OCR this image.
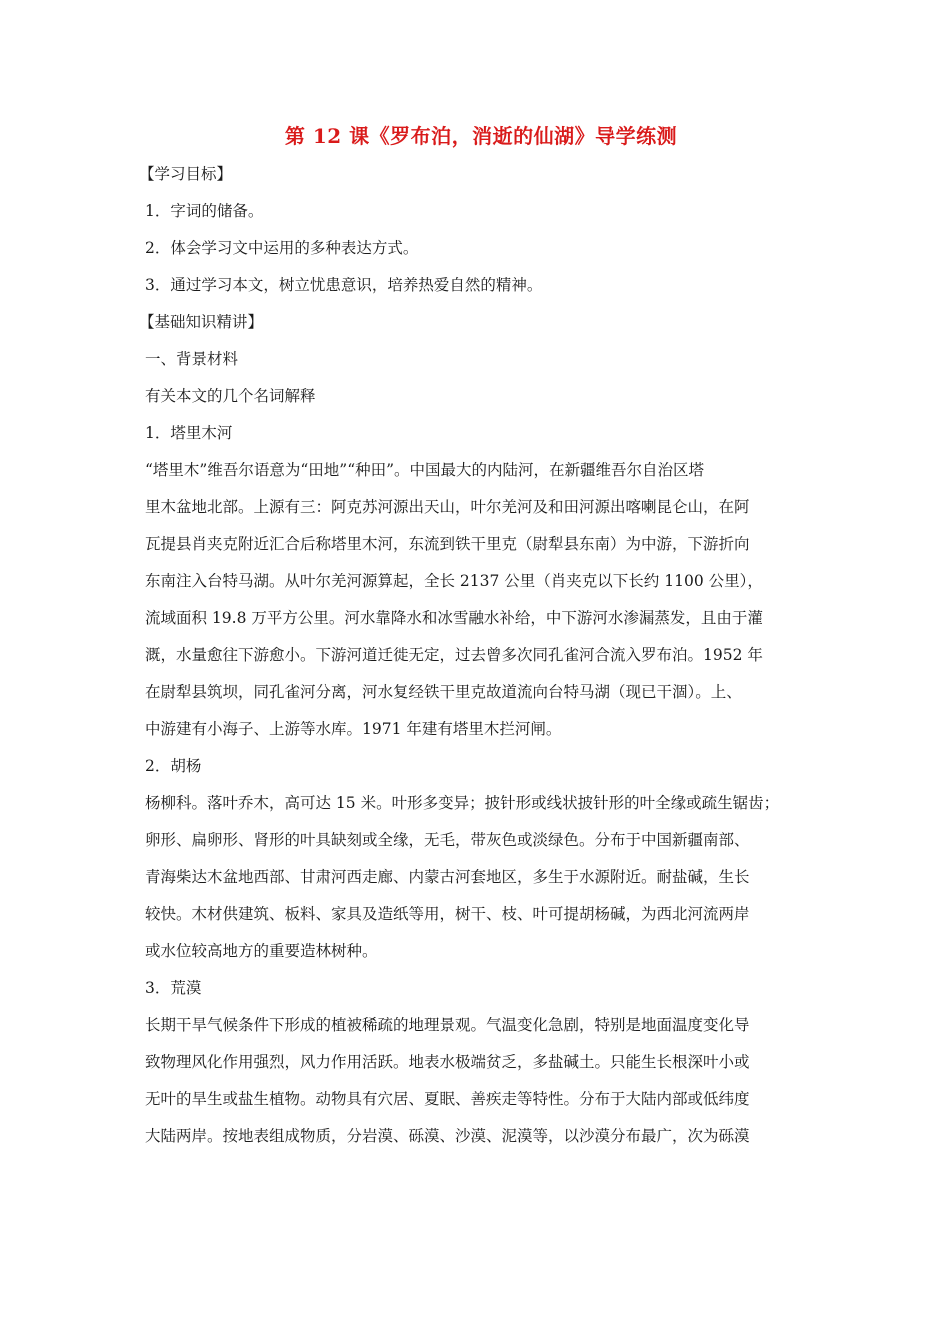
第 12 课《罗布泊，消逝的仙湖》导学练测

【学习目标】

1．字词的储备。

2．体会学习文中运用的多种表达方式。

3．通过学习本文，树立忧患意识，培养热爱自然的精神。

【基础知识精讲】

一、背景材料

有关本文的几个名词解释

1．塔里木河

“塔里木”维吾尔语意为“田地”“种田”。中国最大的内陆河，在新疆维吾尔自治区塔
里木盆地北部。上源有三：阿克苏河源出天山，叶尔羌河及和田河源出喀喇昆仑山，在阿
瓦提县肖夹克附近汇合后称塔里木河，东流到铁干里克（尉犁县东南）为中游，下游折向
东南注入台特马湖。从叶尔羌河源算起，全长 2137 公里（肖夹克以下长约 1100 公里），
流域面积 19.8 万平方公里。河水靠降水和冰雪融水补给，中下游河水渗漏蒸发，且由于灌
溉，水量愈往下游愈小。下游河道迁徙无定，过去曾多次同孔雀河合流入罗布泊。1952 年
在尉犁县筑坝，同孔雀河分离，河水复经铁干里克故道流向台特马湖（现已干涸）。上、
中游建有小海子、上游等水库。1971 年建有塔里木拦河闸。

2．胡杨

杨柳科。落叶乔木，高可达 15 米。叶形多变异；披针形或线状披针形的叶全缘或疏生锯齿；
卵形、扁卵形、肾形的叶具缺刻或全缘，无毛，带灰色或淡绿色。分布于中国新疆南部、
青海柴达木盆地西部、甘肃河西走廊、内蒙古河套地区，多生于水源附近。耐盐碱，生长
较快。木材供建筑、板料、家具及造纸等用，树干、枝、叶可提胡杨碱，为西北河流两岸
或水位较高地方的重要造林树种。

3．荒漠

长期干旱气候条件下形成的植被稀疏的地理景观。气温变化急剧，特别是地面温度变化导
致物理风化作用强烈，风力作用活跃。地表水极端贫乏，多盐碱土。只能生长根深叶小或
无叶的旱生或盐生植物。动物具有穴居、夏眠、善疾走等特性。分布于大陆内部或低纬度
大陆两岸。按地表组成物质，分岩漠、砾漠、沙漠、泥漠等，以沙漠分布最广，次为砾漠
